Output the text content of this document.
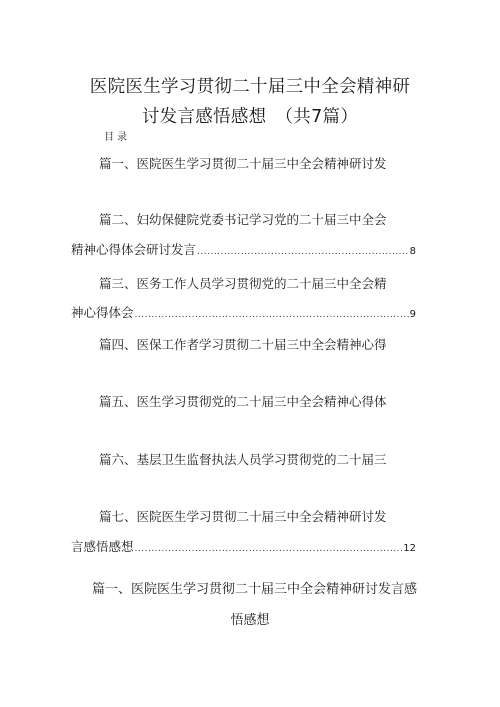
医院医生学习贯彻二十届三中全会精神研
讨发言感悟感想　（共7篇）
目录
篇一、医院医生学习贯彻二十届三中全会精神研讨发
篇二、妇幼保健院党委书记学习党的二十届三中全会
精神心得体会研讨发言 .....	8
篇三、医务工作人员学习贯彻党的二十届三中全会精
神心得体会 .....	9
篇四、医保工作者学习贯彻二十届三中全会精神心得
篇五、医生学习贯彻党的二十届三中全会精神心得体
篇六、基层卫生监督执法人员学习贯彻党的二十届三
篇七、医院医生学习贯彻二十届三中全会精神研讨发
言感悟感想 .....	12
篇一、医院医生学习贯彻二十届三中全会精神研讨发言感
悟感想
